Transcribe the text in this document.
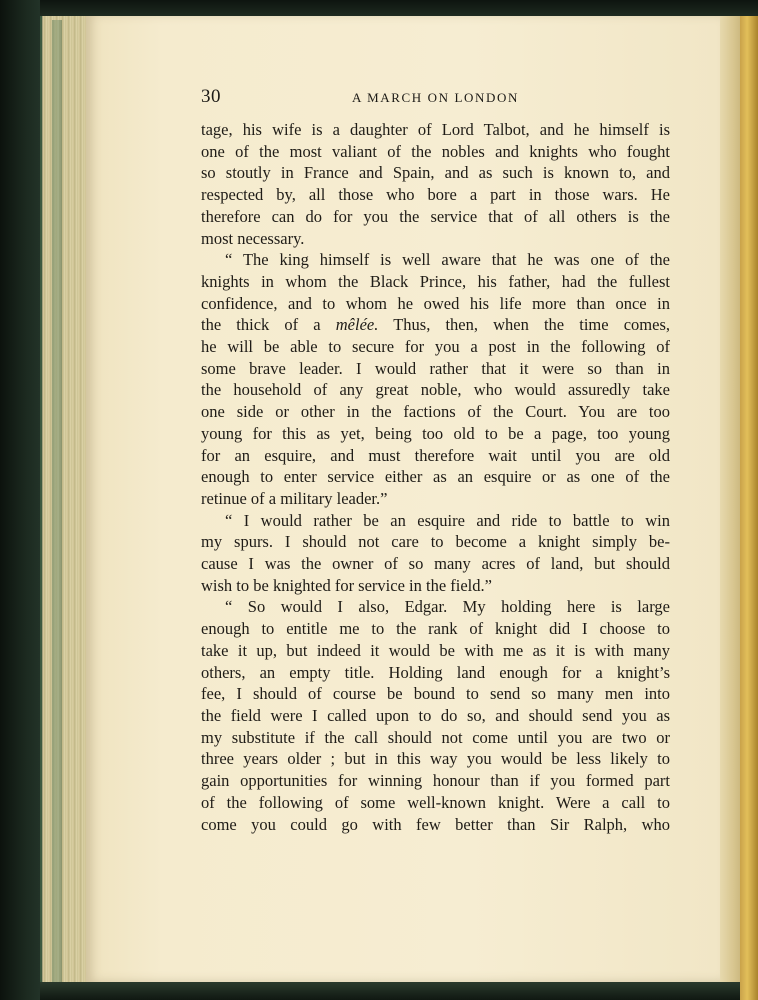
30	A MARCH ON LONDON
tage, his wife is a daughter of Lord Talbot, and he himself is
one of the most valiant of the nobles and knights who fought
so stoutly in France and Spain, and as such is known to, and
respected by, all those who bore a part in those wars. He
therefore can do for you the service that of all others is the
most necessary.
“ The king himself is well aware that he was one of the
knights in whom the Black Prince, his father, had the fullest
confidence, and to whom he owed his life more than once in
the thick of a mêlée. Thus, then, when the time comes,
he will be able to secure for you a post in the following of
some brave leader. I would rather that it were so than in
the household of any great noble, who would assuredly take
one side or other in the factions of the Court. You are too
young for this as yet, being too old to be a page, too young
for an esquire, and must therefore wait until you are old
enough to enter service either as an esquire or as one of the
retinue of a military leader.”
“ I would rather be an esquire and ride to battle to win
my spurs. I should not care to become a knight simply be-
cause I was the owner of so many acres of land, but should
wish to be knighted for service in the field.”
“ So would I also, Edgar. My holding here is large
enough to entitle me to the rank of knight did I choose to
take it up, but indeed it would be with me as it is with many
others, an empty title. Holding land enough for a knight’s
fee, I should of course be bound to send so many men into
the field were I called upon to do so, and should send you as
my substitute if the call should not come until you are two or
three years older ; but in this way you would be less likely to
gain opportunities for winning honour than if you formed part
of the following of some well-known knight. Were a call to
come you could go with few better than Sir Ralph, who
